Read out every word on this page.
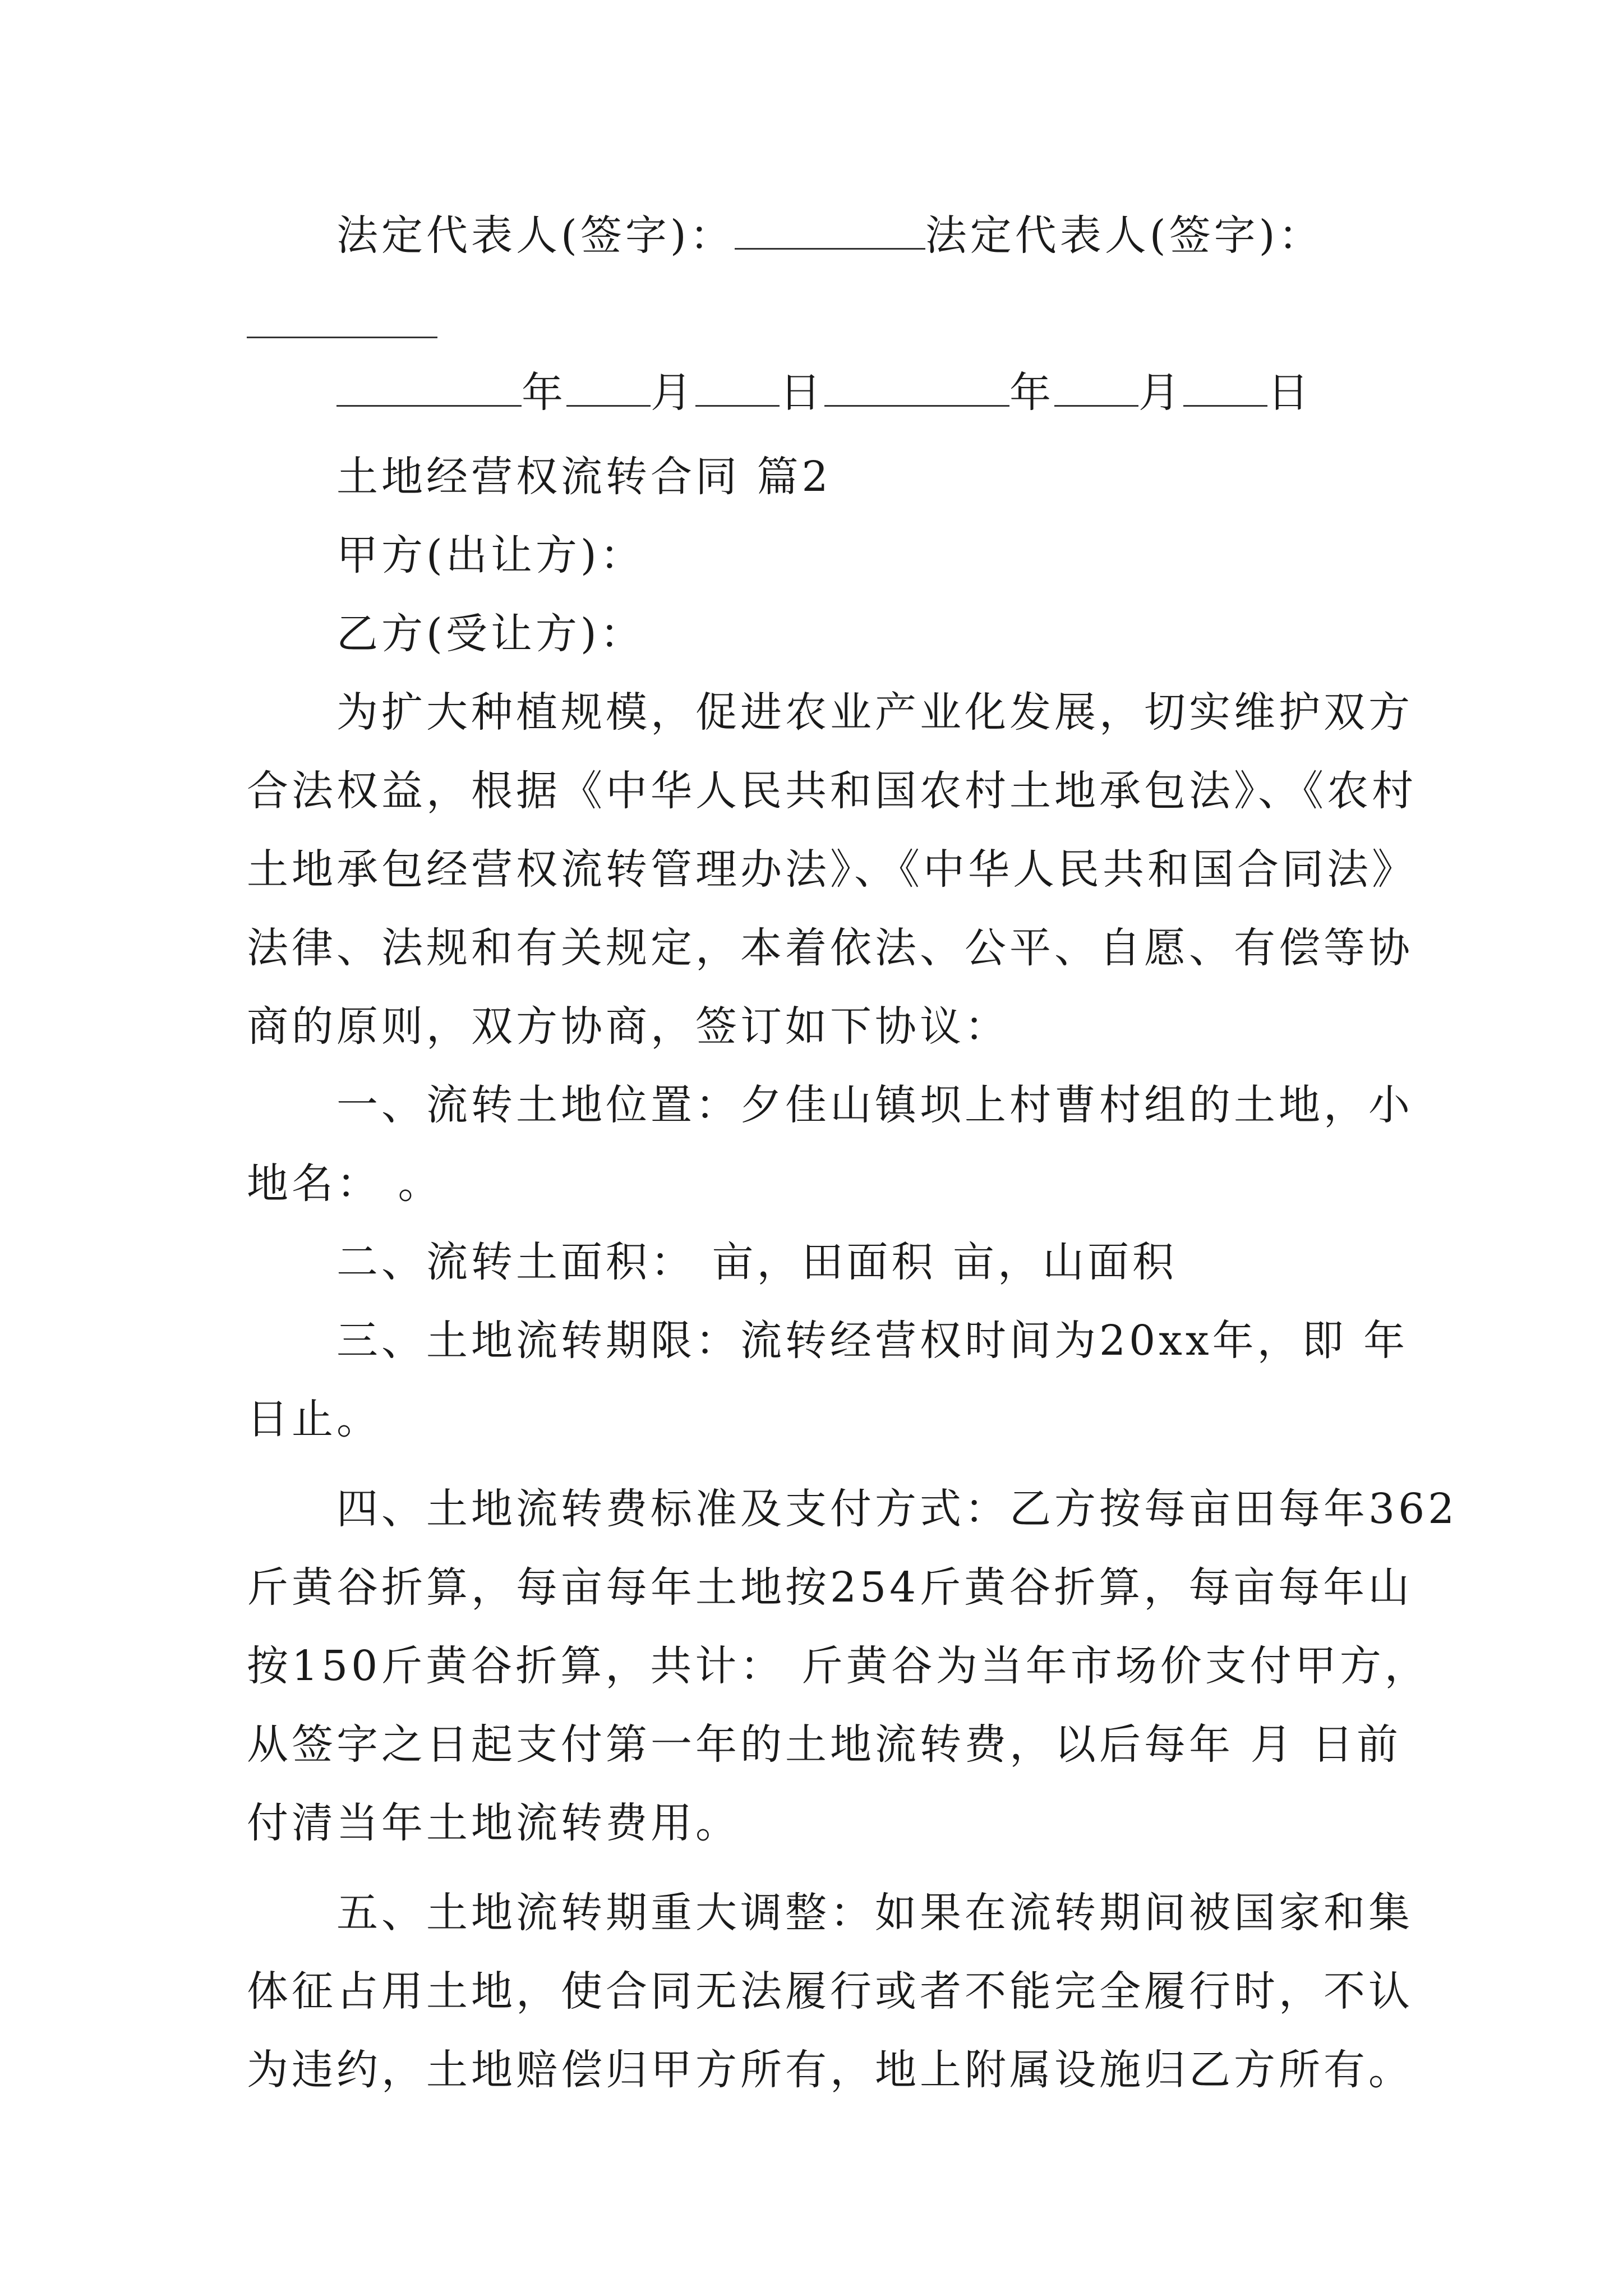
法定代表人(签字)：	法定代表人(签字)：
年 月 日	年 月 日
土地经营权流转合同 篇2
甲方(出让方)：
乙方(受让方)：
为扩大种植规模，促进农业产业化发展，切实维护双方
合法权益，根据《中华人民共和国农村土地承包法》、《农村
土地承包经营权流转管理办法》、《中华人民共和国合同法》
法律、法规和有关规定，本着依法、公平、自愿、有偿等协
商的原则，双方协商，签订如下协议：
一、流转土地位置：夕佳山镇坝上村曹村组的土地，小
地名： 。
二、流转土面积： 亩，田面积 亩，山面积
三、土地流转期限：流转经营权时间为20xx年，即 年
日止。
四、土地流转费标准及支付方式：乙方按每亩田每年362
斤黄谷折算，每亩每年土地按254斤黄谷折算，每亩每年山
按150斤黄谷折算，共计： 斤黄谷为当年市场价支付甲方，
从签字之日起支付第一年的土地流转费，以后每年 月 日前
付清当年土地流转费用。
五、土地流转期重大调整：如果在流转期间被国家和集
体征占用土地，使合同无法履行或者不能完全履行时，不认
为违约，土地赔偿归甲方所有，地上附属设施归乙方所有。
